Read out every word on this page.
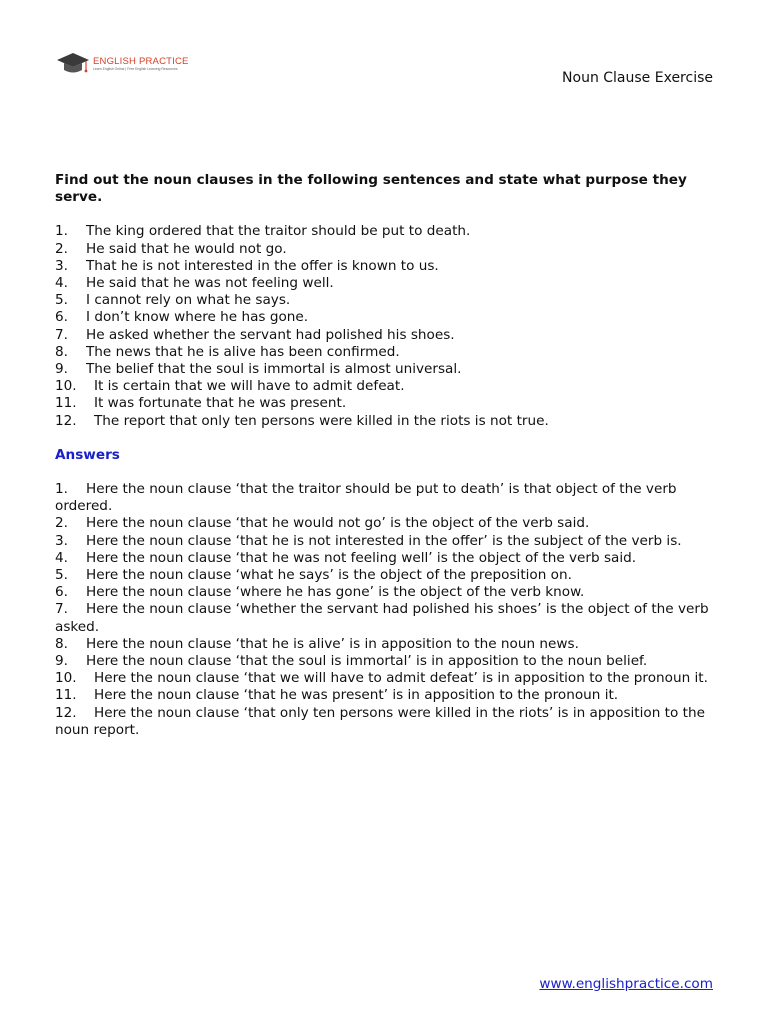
ENGLISH PRACTICE
Learn English Online | Free English Learning Resources
Noun Clause Exercise

Find out the noun clauses in the following sentences and state what purpose they serve.

1. The king ordered that the traitor should be put to death.
2. He said that he would not go.
3. That he is not interested in the offer is known to us.
4. He said that he was not feeling well.
5. I cannot rely on what he says.
6. I don’t know where he has gone.
7. He asked whether the servant had polished his shoes.
8. The news that he is alive has been confirmed.
9. The belief that the soul is immortal is almost universal.
10. It is certain that we will have to admit defeat.
11. It was fortunate that he was present.
12. The report that only ten persons were killed in the riots is not true.
Answers
1. Here the noun clause ‘that the traitor should be put to death’ is that object of the verb ordered.
2. Here the noun clause ‘that he would not go’ is the object of the verb said.
3. Here the noun clause ‘that he is not interested in the offer’ is the subject of the verb is.
4. Here the noun clause ‘that he was not feeling well’ is the object of the verb said.
5. Here the noun clause ‘what he says’ is the object of the preposition on.
6. Here the noun clause ‘where he has gone’ is the object of the verb know.
7. Here the noun clause ‘whether the servant had polished his shoes’ is the object of the verb asked.
8. Here the noun clause ‘that he is alive’ is in apposition to the noun news.
9. Here the noun clause ‘that the soul is immortal’ is in apposition to the noun belief.
10. Here the noun clause ‘that we will have to admit defeat’ is in apposition to the pronoun it.
11. Here the noun clause ‘that he was present’ is in apposition to the pronoun it.
12. Here the noun clause ‘that only ten persons were killed in the riots’ is in apposition to the noun report.
www.englishpractice.com
